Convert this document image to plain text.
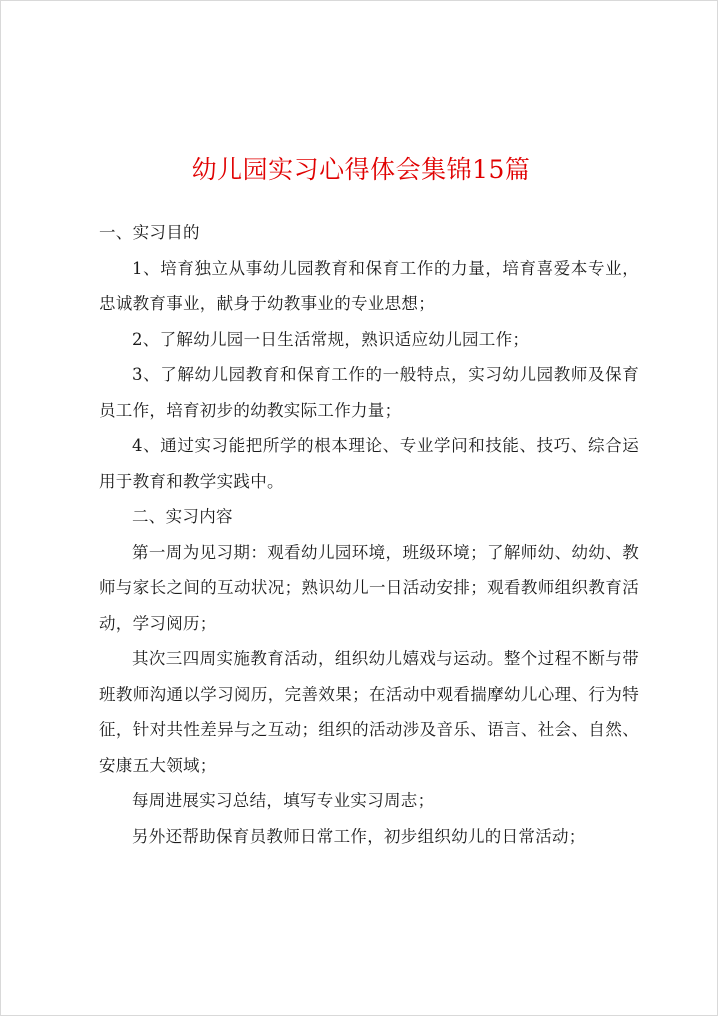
幼儿园实习心得体会集锦15篇

一、实习目的

1、培育独立从事幼儿园教育和保育工作的力量，培育喜爱本专业，忠诚教育事业，献身于幼教事业的专业思想；

2、了解幼儿园一日生活常规，熟识适应幼儿园工作；

3、了解幼儿园教育和保育工作的一般特点，实习幼儿园教师及保育员工作，培育初步的幼教实际工作力量；

4、通过实习能把所学的根本理论、专业学问和技能、技巧、综合运用于教育和教学实践中。

二、实习内容

第一周为见习期：观看幼儿园环境，班级环境；了解师幼、幼幼、教师与家长之间的互动状况；熟识幼儿一日活动安排；观看教师组织教育活动，学习阅历；

其次三四周实施教育活动，组织幼儿嬉戏与运动。整个过程不断与带班教师沟通以学习阅历，完善效果；在活动中观看揣摩幼儿心理、行为特征，针对共性差异与之互动；组织的活动涉及音乐、语言、社会、自然、安康五大领域；

每周进展实习总结，填写专业实习周志；

另外还帮助保育员教师日常工作，初步组织幼儿的日常活动；
